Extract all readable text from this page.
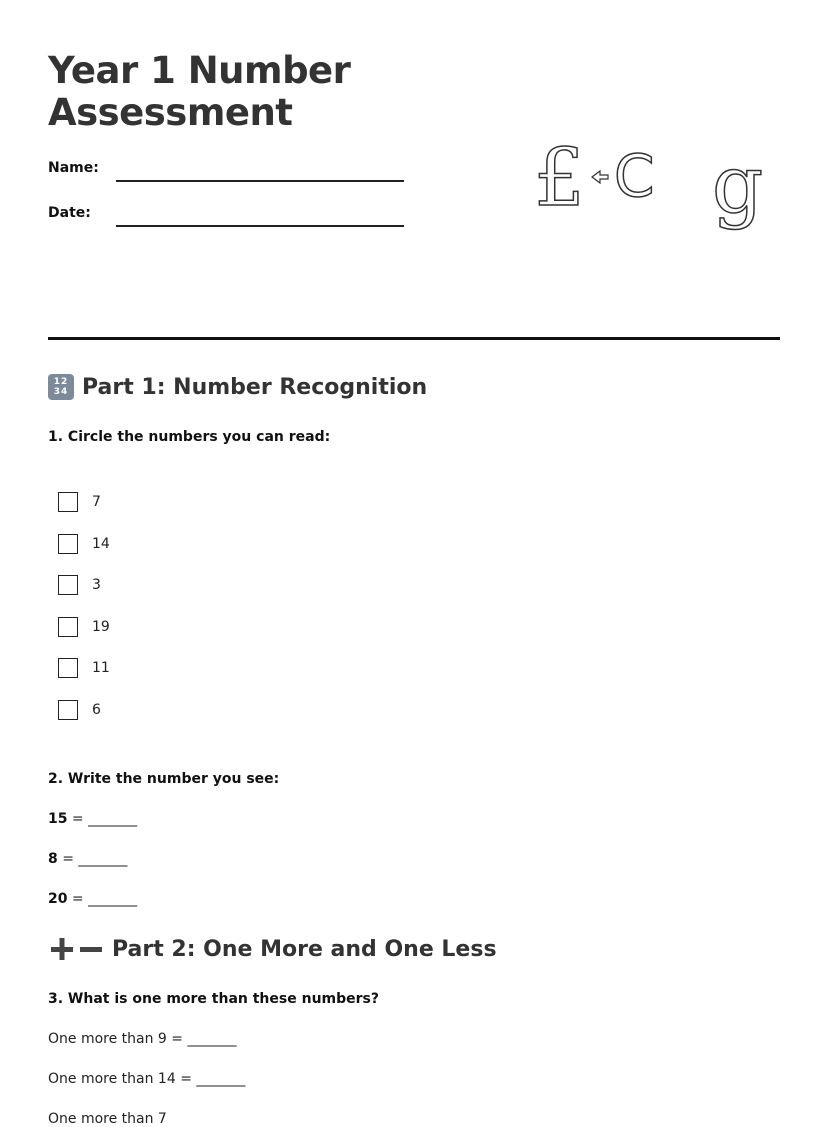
Year 1 Number Assessment
Name:
Date:	£ C g
12
34 Part 1: Number Recognition

1. Circle the numbers you can read:

7
14
3
19
11
6

2. Write the number you see:

15 = _______
8 = _______
20 = _______
Part 2: One More and One Less

3. What is one more than these numbers?

One more than 9 = _______
One more than 14 = _______
One more than 7
